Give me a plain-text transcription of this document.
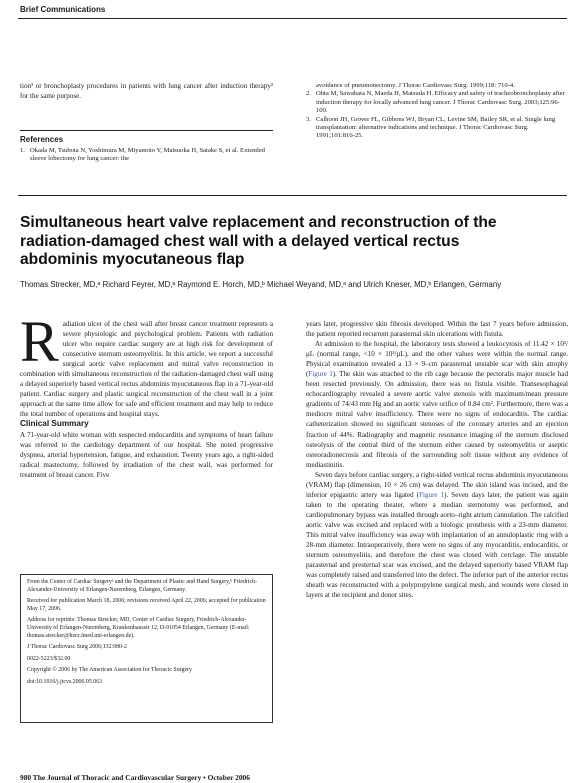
Brief Communications

tion³ or bronchoplasty procedures in patients with lung cancer after induction therapy² for the same purpose.

References
1. Okada M, Tsubota N, Yoshimura M, Miyamoto Y, Matsuoka H, Satake S, et al. Extended sleeve lobectomy for lung cancer: the
avoidance of pneumonectomy. J Thorac Cardiovasc Surg. 1999;118: 710-4.
2. Ohta M, Sawabata N, Maeda H, Matsuda H. Efficacy and safety of tracheobronchoplasty after induction therapy for locally advanced lung cancer. J Thorac Cardiovasc Surg. 2003;125:96-100.
3. Calhoon JH, Grover FL, Gibbons WJ, Bryan CL, Levine SM, Bailey SR, et al. Single lung transplantation: alternative indications and technique. J Thorac Cardiovasc Surg. 1991;101:816-25.
Simultaneous heart valve replacement and reconstruction of the radiation-damaged chest wall with a delayed vertical rectus abdominis myocutaneous flap
Thomas Strecker, MD,ᵃ Richard Feyrer, MD,ᵃ Raymond E. Horch, MD,ᵇ Michael Weyand, MD,ᵃ and Ulrich Kneser, MD,ᵇ Erlangen, Germany

Radiation ulcer of the chest wall after breast cancer treatment represents a severe physiologic and psychological problem. Patients with radiation ulcer who require cardiac surgery are at high risk for development of consecutive sternum osteomyelitis. In this article, we report a successful surgical aortic valve replacement and mitral valve reconstruction in combination with simultaneous reconstruction of the radiation-damaged chest wall using a delayed superiorly based vertical rectus abdominis myocutaneous flap in a 71-year-old patient. Cardiac surgery and plastic surgical reconstruction of the chest wall in a joint approach at the same time allow for safe and efficient treatment and may help to reduce the total number of operations and hospital stays.

Clinical Summary

A 71-year-old white woman with suspected endocarditis and symptoms of heart failure was referred to the cardiology department of our hospital. She noted progressive dyspnea, arterial hypertension, fatigue, and exhaustion. Twenty years ago, a right-sided radical mastectomy, followed by irradiation of the chest wall, was performed for treatment of breast cancer. Five

From the Center of Cardiac Surgeryᵃ and the Department of Plastic and Hand Surgery,ᵇ Friedrich-Alexander-University of Erlangen-Nuremberg, Erlangen, Germany.

Received for publication March 18, 2006; revisions received April 22, 2006; accepted for publication May 17, 2006.

Address for reprints: Thomas Strecker, MD, Center of Cardiac Surgery, Friedrich-Alexander-University of Erlangen-Nuremberg, Krankenhausstr 12, D-91054 Erlangen, Germany (E-mail: thomas.strecker@herz.imed.uni-erlangen.de).

J Thorac Cardiovasc Surg 2006;132:980-2

0022-5223/$32.00

Copyright © 2006 by The American Association for Thoracic Surgery

doi:10.1016/j.jtcvs.2006.05.063

years later, progressive skin fibrosis developed. Within the last 7 years before admission, the patient reported recurrent parasternal skin ulcerations with fistula.

At admission to the hospital, the laboratory tests showed a leukocytosis of 11.42 × 10³/μL (normal range, <10 × 10³/μL), and the other values were within the normal range. Physical examination revealed a 13 × 9–cm parasternal unstable scar with skin atrophy (Figure 1). The skin was attached to the rib cage because the pectoralis major muscle had been resected previously. On admission, there was no fistula visible. Transesophageal echocardiography revealed a severe aortic valve stenosis with maximum/mean pressure gradients of 74/43 mm Hg and an aortic valve orifice of 0.84 cm². Furthermore, there was a mediocre mitral valve insufficiency. There were no signs of endocarditis. The cardiac catheterization showed no significant stenoses of the coronary arteries and an ejection fraction of 44%. Radiography and magnetic resonance imaging of the sternum disclosed osteolysis of the central third of the sternum either caused by osteomyelitis or aseptic osteoradionecrosis and fibrosis of the surrounding soft tissue without any evidence of mediastinitis.

Seven days before cardiac surgery, a right-sided vertical rectus abdominis myocutaneous (VRAM) flap (dimension, 10 × 26 cm) was delayed. The skin island was incised, and the inferior epigastric artery was ligated (Figure 1). Seven days later, the patient was again taken to the operating theater, where a median sternotomy was performed, and cardiopulmonary bypass was installed through aorto–right atrium cannulation. The calcified aortic valve was excised and replaced with a biologic prosthesis with a 23-mm diameter. This mitral valve insufficiency was away with implantation of an annuloplastic ring with a 28-mm diameter. Intraoperatively, there were no signs of any myocarditis, endocarditis, or sternum osteomyelitis, and therefore the chest was closed with cerclage. The unstable parasternal and presternal scar was excised, and the delayed superiorly based VRAM flap was completely raised and transferred into the defect. The inferior part of the anterior rectus sheath was reconstructed with a polypropylene surgical mesh, and wounds were closed in layers at the recipient and donor sites.

980 The Journal of Thoracic and Cardiovascular Surgery • October 2006
